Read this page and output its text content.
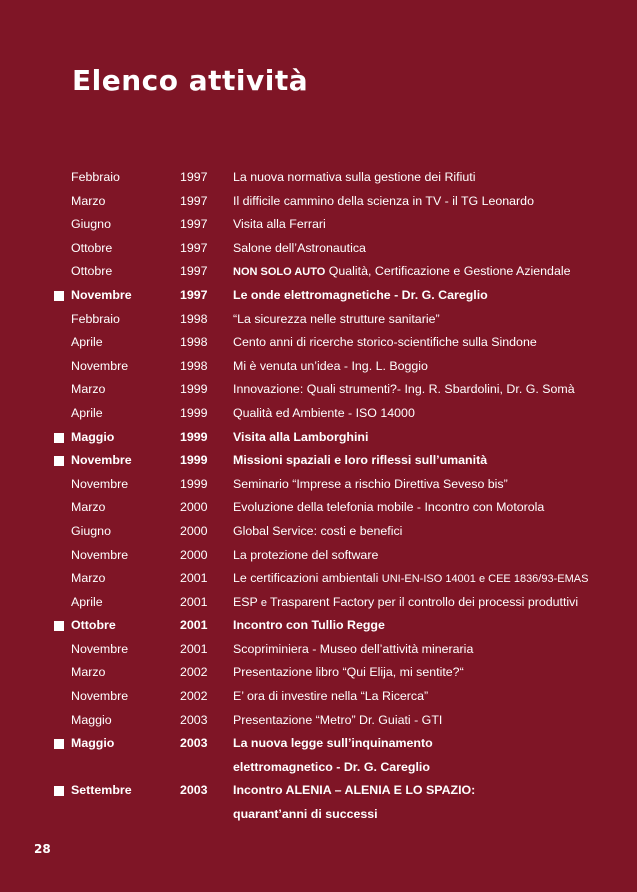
Elenco attività
Febbraio	1997 La nuova normativa sulla gestione dei Rifiuti
Marzo	1997 Il difficile cammino della scienza in TV - il TG Leonardo
Giugno	1997 Visita alla Ferrari
Ottobre	1997 Salone dell’Astronautica
Ottobre	1997 NON SOLO AUTO Qualità, Certificazione e Gestione Aziendale
Novembre	1997 Le onde elettromagnetiche - Dr. G. Careglio
Febbraio	1998 “La sicurezza nelle strutture sanitarie”
Aprile	1998 Cento anni di ricerche storico-scientifiche sulla Sindone
Novembre	1998 Mi è venuta un’idea - Ing. L. Boggio
Marzo	1999 Innovazione: Quali strumenti?- Ing. R. Sbardolini, Dr. G. Somà
Aprile	1999 Qualità ed Ambiente - ISO 14000
Maggio	1999 Visita alla Lamborghini
Novembre	1999 Missioni spaziali e loro riflessi sull’umanità
Novembre	1999 Seminario “Imprese a rischio Direttiva Seveso bis”
Marzo	2000 Evoluzione della telefonia mobile - Incontro con Motorola
Giugno	2000 Global Service: costi e benefici
Novembre	2000 La protezione del software
Marzo	2001 Le certificazioni ambientali UNI-EN-ISO 14001 e CEE 1836/93-EMAS
Aprile	2001 ESP e Trasparent Factory per il controllo dei processi produttivi
Ottobre	2001 Incontro con Tullio Regge
Novembre	2001 Scopriminiera - Museo dell’attività mineraria
Marzo	2002 Presentazione libro “Qui Elija, mi sentite?“
Novembre	2002 E’ ora di investire nella “La Ricerca”
Maggio	2003 Presentazione “Metro” Dr. Guiati - GTI
Maggio	2003 La nuova legge sull’inquinamento
elettromagnetico - Dr. G. Careglio
Settembre	2003 Incontro ALENIA – ALENIA E LO SPAZIO:
quarant’anni di successi
28
